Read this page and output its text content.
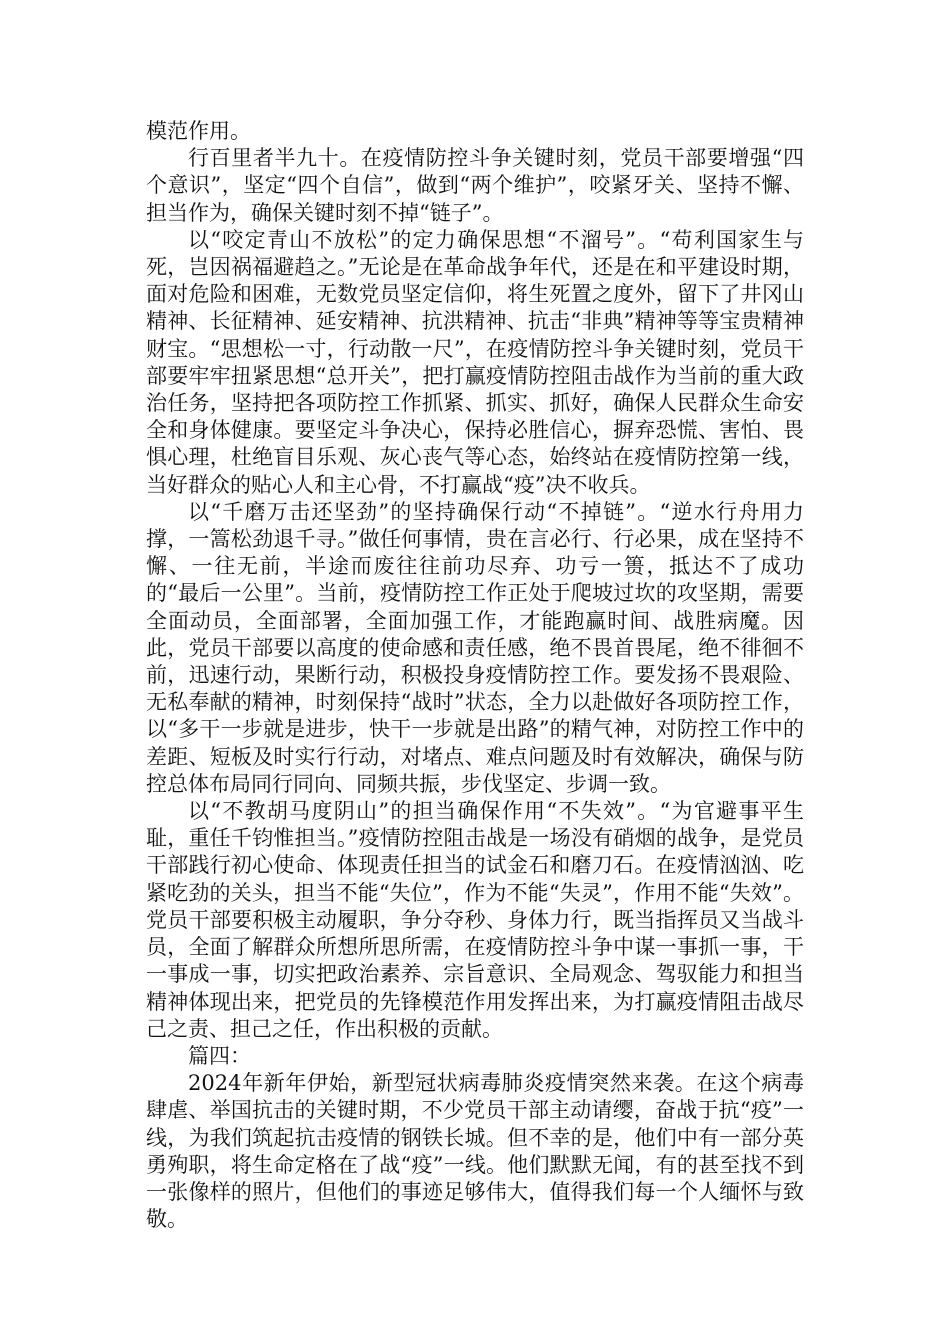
模范作用。

行百里者半九十。在疫情防控斗争关键时刻，党员干部要增强“四个意识”，坚定“四个自信”，做到“两个维护”，咬紧牙关、坚持不懈、担当作为，确保关键时刻不掉“链子”。

以“咬定青山不放松”的定力确保思想“不溜号”。“苟利国家生与死，岂因祸福避趋之。”无论是在革命战争年代，还是在和平建设时期，面对危险和困难，无数党员坚定信仰，将生死置之度外，留下了井冈山精神、长征精神、延安精神、抗洪精神、抗击“非典”精神等等宝贵精神财宝。“思想松一寸，行动散一尺”，在疫情防控斗争关键时刻，党员干部要牢牢扭紧思想“总开关”，把打赢疫情防控阻击战作为当前的重大政治任务，坚持把各项防控工作抓紧、抓实、抓好，确保人民群众生命安全和身体健康。要坚定斗争决心，保持必胜信心，摒弃恐慌、害怕、畏惧心理，杜绝盲目乐观、灰心丧气等心态，始终站在疫情防控第一线，当好群众的贴心人和主心骨，不打赢战“疫”决不收兵。

以“千磨万击还坚劲”的坚持确保行动“不掉链”。“逆水行舟用力撑，一篙松劲退千寻。”做任何事情，贵在言必行、行必果，成在坚持不懈、一往无前，半途而废往往前功尽弃、功亏一篑，抵达不了成功的“最后一公里”。当前，疫情防控工作正处于爬坡过坎的攻坚期，需要全面动员，全面部署，全面加强工作，才能跑赢时间、战胜病魔。因此，党员干部要以高度的使命感和责任感，绝不畏首畏尾，绝不徘徊不前，迅速行动，果断行动，积极投身疫情防控工作。要发扬不畏艰险、无私奉献的精神，时刻保持“战时”状态，全力以赴做好各项防控工作，以“多干一步就是进步，快干一步就是出路”的精气神，对防控工作中的差距、短板及时实行行动，对堵点、难点问题及时有效解决，确保与防控总体布局同行同向、同频共振，步伐坚定、步调一致。

以“不教胡马度阴山”的担当确保作用“不失效”。“为官避事平生耻，重任千钧惟担当。”疫情防控阻击战是一场没有硝烟的战争，是党员干部践行初心使命、体现责任担当的试金石和磨刀石。在疫情汹汹、吃紧吃劲的关头，担当不能“失位”，作为不能“失灵”，作用不能“失效”。党员干部要积极主动履职，争分夺秒、身体力行，既当指挥员又当战斗员，全面了解群众所想所思所需，在疫情防控斗争中谋一事抓一事，干一事成一事，切实把政治素养、宗旨意识、全局观念、驾驭能力和担当精神体现出来，把党员的先锋模范作用发挥出来，为打赢疫情阻击战尽己之责、担己之任，作出积极的贡献。

篇四：

2024年新年伊始，新型冠状病毒肺炎疫情突然来袭。在这个病毒肆虐、举国抗击的关键时期，不少党员干部主动请缨，奋战于抗“疫”一线，为我们筑起抗击疫情的钢铁长城。但不幸的是，他们中有一部分英勇殉职，将生命定格在了战“疫”一线。他们默默无闻，有的甚至找不到一张像样的照片，但他们的事迹足够伟大，值得我们每一个人缅怀与致敬。
